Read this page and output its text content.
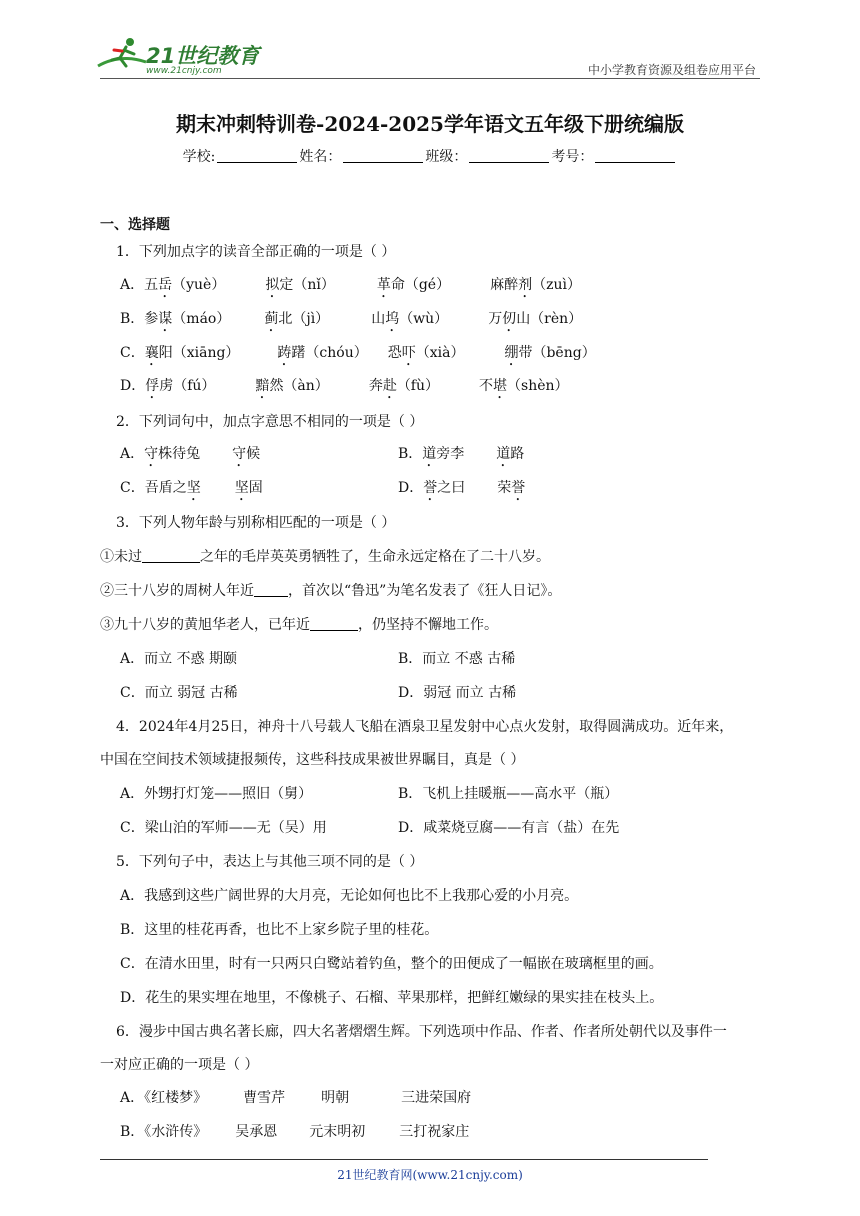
21世纪教育
www.21cnjy.com	中小学教育资源及组卷应用平台
期末冲刺特训卷-2024-2025学年语文五年级下册统编版
学校:	姓名：	班级：	考号：
一、选择题
1．下列加点字的读音全部正确的一项是（ ）
A．五岳（yuè）	拟定（nǐ）	革命（gé）	麻醉剂（zuì）
B．参谋（máo） 蓟北（jì）	山坞（wù）	万仞山（rèn）
C．襄阳（xiāng）	踌躇（chóu） 恐吓（xià）	绷带（bēng）
D．俘虏（fú）	黯然（àn）	奔赴（fù）	不堪（shèn）
2．下列词句中，加点字意思不相同的一项是（ ）
A．守株待兔 守候	B．道旁李 道路
C．吾盾之坚 坚固	D．誉之曰 荣誉
3．下列人物年龄与别称相匹配的一项是（ ）
①未过	之年的毛岸英英勇牺牲了，生命永远定格在了二十八岁。
②三十八岁的周树人年近 ，首次以“鲁迅”为笔名发表了《狂人日记》。
③九十八岁的黄旭华老人，已年近	，仍坚持不懈地工作。
A．而立 不惑 期颐	B．而立 不惑 古稀
C．而立 弱冠 古稀	D．弱冠 而立 古稀
4．2024年4月25日，神舟十八号载人飞船在酒泉卫星发射中心点火发射，取得圆满成功。近年来，
中国在空间技术领域捷报频传，这些科技成果被世界瞩目，真是（ ）
A．外甥打灯笼——照旧（舅）	B．飞机上挂暖瓶——高水平（瓶）
C．梁山泊的军师——无（吴）用	D．咸菜烧豆腐——有言（盐）在先
5．下列句子中，表达上与其他三项不同的是（ ）
A．我感到这些广阔世界的大月亮，无论如何也比不上我那心爱的小月亮。
B．这里的桂花再香，也比不上家乡院子里的桂花。
C．在清水田里，时有一只两只白鹭站着钓鱼，整个的田便成了一幅嵌在玻璃框里的画。
D．花生的果实埋在地里，不像桃子、石榴、苹果那样，把鲜红嫩绿的果实挂在枝头上。
6．漫步中国古典名著长廊，四大名著熠熠生辉。下列选项中作品、作者、作者所处朝代以及事件一
一对应正确的一项是（ ）
A．《红楼梦》	曹雪芹	明朝	三进荣国府
B．《水浒传》 吴承恩 元末明初 三打祝家庄
21世纪教育网(www.21cnjy.com)
